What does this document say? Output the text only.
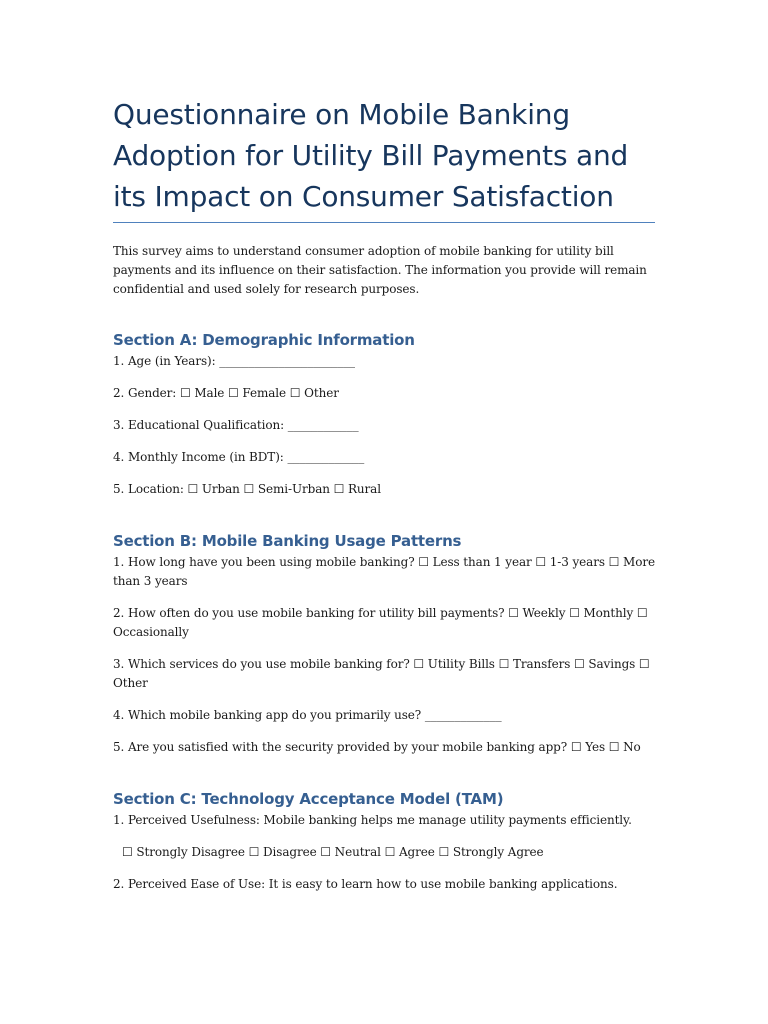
Questionnaire on Mobile Banking
Adoption for Utility Bill Payments and
its Impact on Consumer Satisfaction
This survey aims to understand consumer adoption of mobile banking for utility bill
payments and its influence on their satisfaction. The information you provide will remain
confidential and used solely for research purposes.
Section A: Demographic Information

1. Age (in Years): _______________________

2. Gender: ☐ Male ☐ Female ☐ Other

3. Educational Qualification: ____________

4. Monthly Income (in BDT): _____________

5. Location: ☐ Urban ☐ Semi-Urban ☐ Rural

Section B: Mobile Banking Usage Patterns
1. How long have you been using mobile banking? ☐ Less than 1 year ☐ 1-3 years ☐ More
than 3 years
2. How often do you use mobile banking for utility bill payments? ☐ Weekly ☐ Monthly ☐
Occasionally
3. Which services do you use mobile banking for? ☐ Utility Bills ☐ Transfers ☐ Savings ☐
Other
4. Which mobile banking app do you primarily use? _____________
5. Are you satisfied with the security provided by your mobile banking app? ☐ Yes ☐ No
Section C: Technology Acceptance Model (TAM)

1. Perceived Usefulness: Mobile banking helps me manage utility payments efficiently.

☐ Strongly Disagree ☐ Disagree ☐ Neutral ☐ Agree ☐ Strongly Agree

2. Perceived Ease of Use: It is easy to learn how to use mobile banking applications.
